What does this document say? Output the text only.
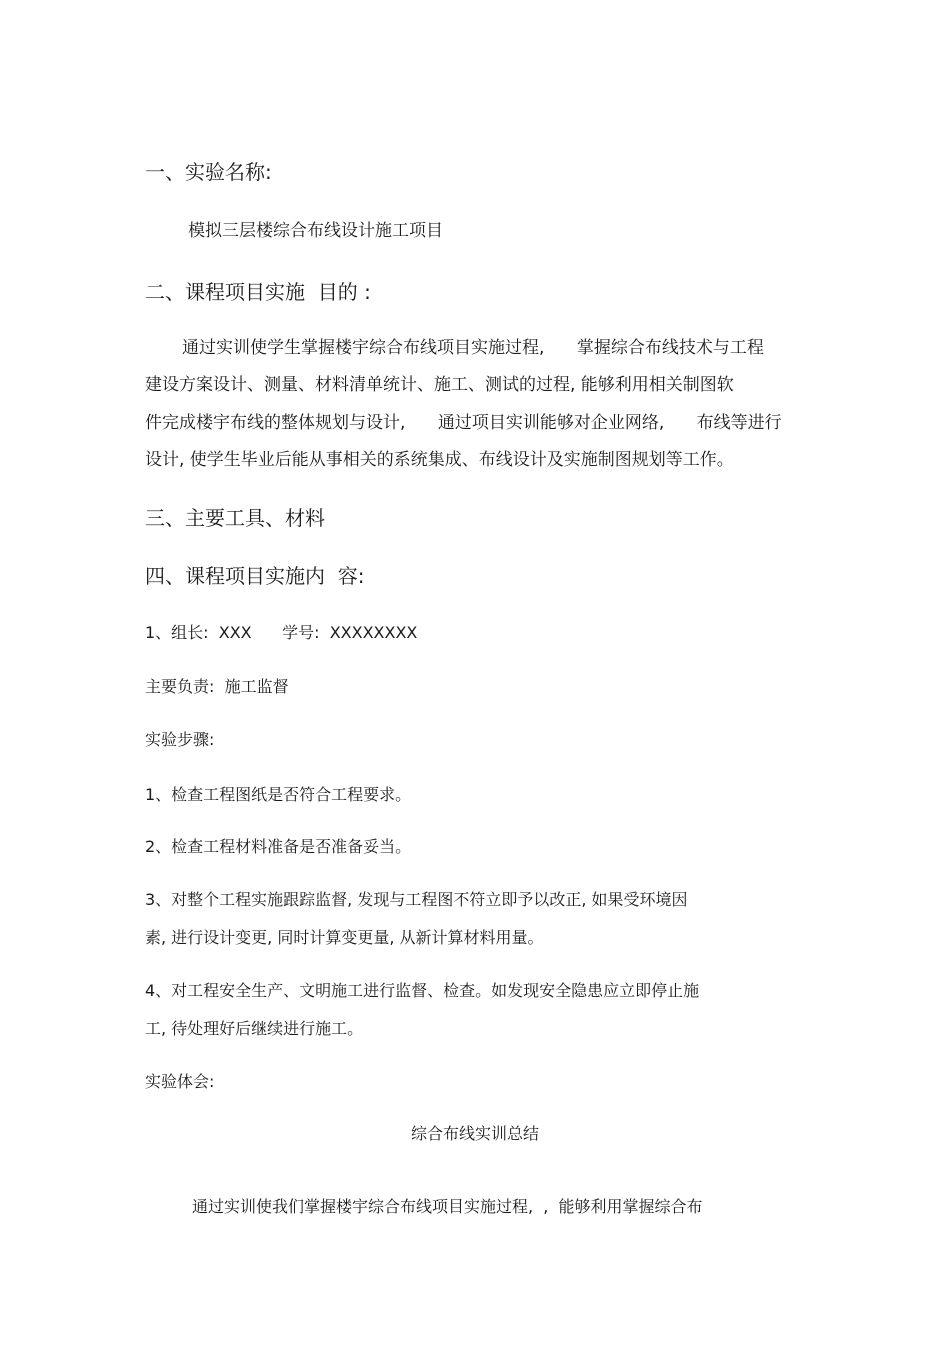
一、实验名称:
模拟三层楼综合布线设计施工项目
二、课程项目实施  目的 :
通过实训使学生掌握楼宇综合布线项目实施过程,      掌握综合布线技术与工程
建设方案设计、测量、材料清单统计、施工、测试的过程, 能够利用相关制图软
件完成楼宇布线的整体规划与设计,      通过项目实训能够对企业网络,      布线等进行
设计, 使学生毕业后能从事相关的系统集成、布线设计及实施制图规划等工作。
三、主要工具、材料
四、课程项目实施内  容:
1、组长:  XXX      学号:  XXXXXXXX
主要负责:  施工监督
实验步骤:
1、检查工程图纸是否符合工程要求。
2、检查工程材料准备是否准备妥当。
3、对整个工程实施跟踪监督, 发现与工程图不符立即予以改正, 如果受环境因
素, 进行设计变更, 同时计算变更量, 从新计算材料用量。
4、对工程安全生产、文明施工进行监督、检查。如发现安全隐患应立即停止施
工, 待处理好后继续进行施工。
实验体会:
综合布线实训总结
通过实训使我们掌握楼宇综合布线项目实施过程,  ,  能够利用掌握综合布
